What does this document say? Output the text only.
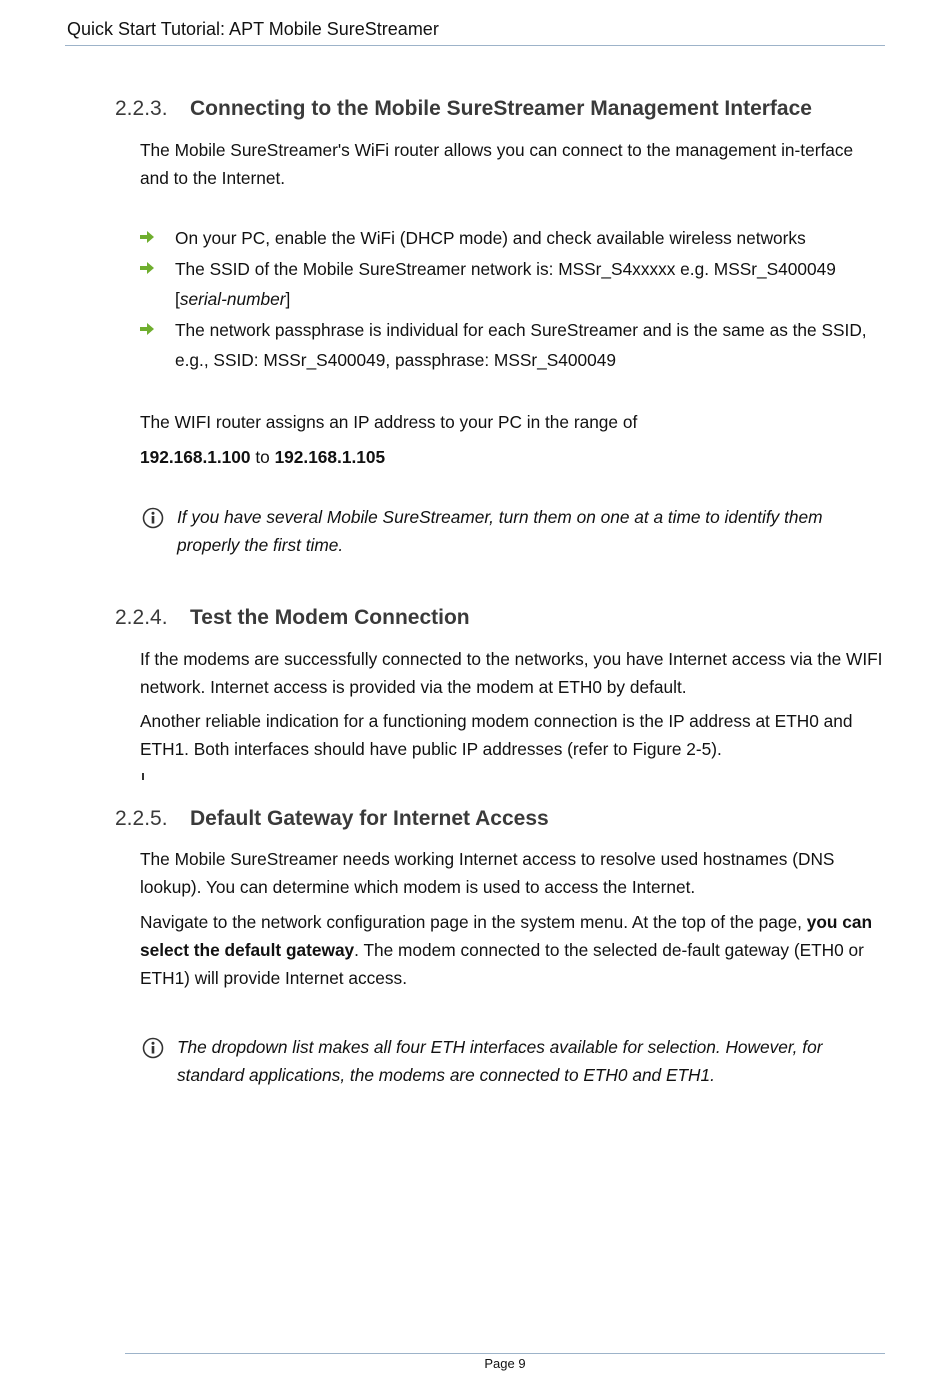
Quick Start Tutorial: APT Mobile SureStreamer
2.2.3. Connecting to the Mobile SureStreamer Management Interface

The Mobile SureStreamer's WiFi router allows you can connect to the management in-terface and to the Internet.

On your PC, enable the WiFi (DHCP mode) and check available wireless networks
The SSID of the Mobile SureStreamer network is: MSSr_S4xxxxx e.g. MSSr_S400049 [serial-number]
The network passphrase is individual for each SureStreamer and is the same as the SSID, e.g., SSID: MSSr_S400049, passphrase: MSSr_S400049
The WIFI router assigns an IP address to your PC in the range of
192.168.1.100 to 192.168.1.105
If you have several Mobile SureStreamer, turn them on one at a time to identify them properly the first time.
2.2.4. Test the Modem Connection
If the modems are successfully connected to the networks, you have Internet access via the WIFI network. Internet access is provided via the modem at ETH0 by default.
Another reliable indication for a functioning modem connection is the IP address at ETH0 and ETH1. Both interfaces should have public IP addresses (refer to Figure 2-5).
2.2.5. Default Gateway for Internet Access
The Mobile SureStreamer needs working Internet access to resolve used hostnames (DNS lookup). You can determine which modem is used to access the Internet.
Navigate to the network configuration page in the system menu. At the top of the page, you can select the default gateway. The modem connected to the selected de-fault gateway (ETH0 or ETH1) will provide Internet access.
The dropdown list makes all four ETH interfaces available for selection. However, for standard applications, the modems are connected to ETH0 and ETH1.
Page 9
